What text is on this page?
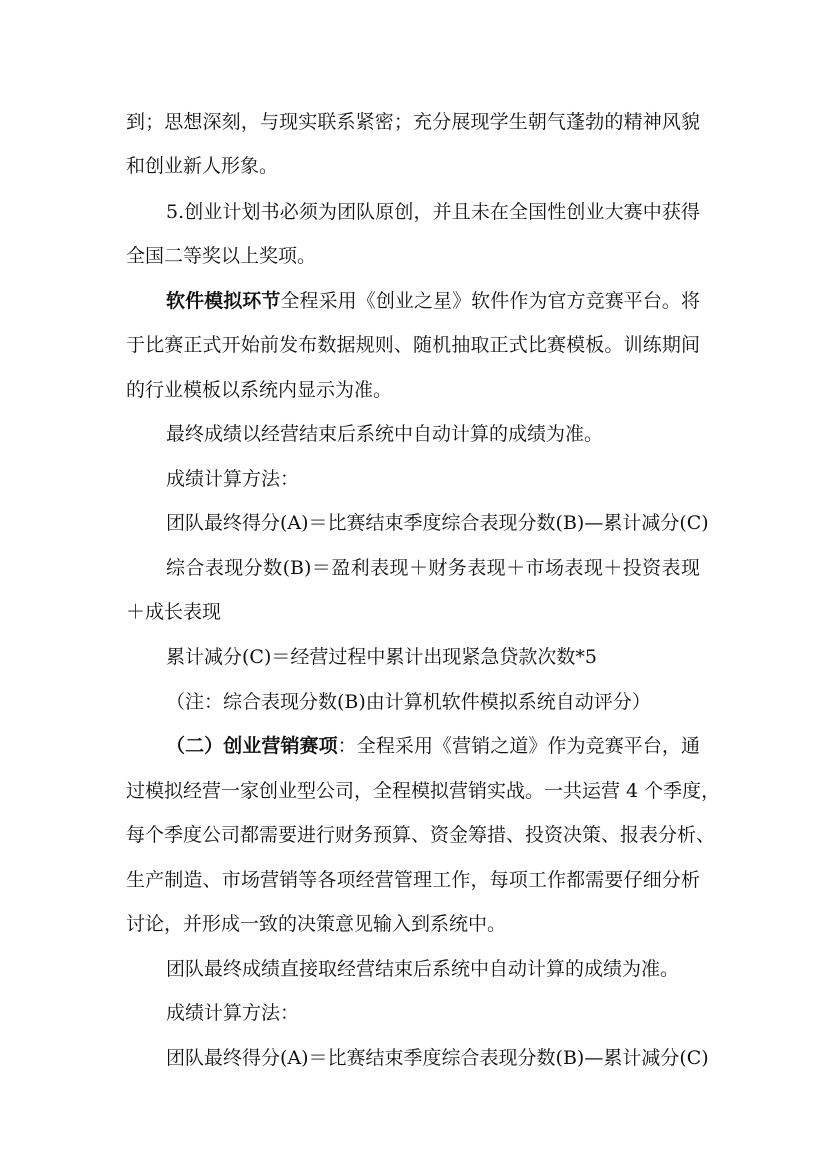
到；思想深刻，与现实联系紧密；充分展现学生朝气蓬勃的精神风貌
和创业新人形象。
5.创业计划书必须为团队原创，并且未在全国性创业大赛中获得
全国二等奖以上奖项。
软件模拟环节全程采用《创业之星》软件作为官方竞赛平台。将
于比赛正式开始前发布数据规则、随机抽取正式比赛模板。训练期间
的行业模板以系统内显示为准。
最终成绩以经营结束后系统中自动计算的成绩为准。
成绩计算方法：
团队最终得分(A)＝比赛结束季度综合表现分数(B)—累计减分(C)
综合表现分数(B)＝盈利表现＋财务表现＋市场表现＋投资表现
＋成长表现
累计减分(C)＝经营过程中累计出现紧急贷款次数*5
（注：综合表现分数(B)由计算机软件模拟系统自动评分）
（二）创业营销赛项：全程采用《营销之道》作为竞赛平台，通
过模拟经营一家创业型公司，全程模拟营销实战。一共运营 4 个季度，
每个季度公司都需要进行财务预算、资金筹措、投资决策、报表分析、
生产制造、市场营销等各项经营管理工作，每项工作都需要仔细分析
讨论，并形成一致的决策意见输入到系统中。
团队最终成绩直接取经营结束后系统中自动计算的成绩为准。
成绩计算方法：
团队最终得分(A)＝比赛结束季度综合表现分数(B)—累计减分(C)
